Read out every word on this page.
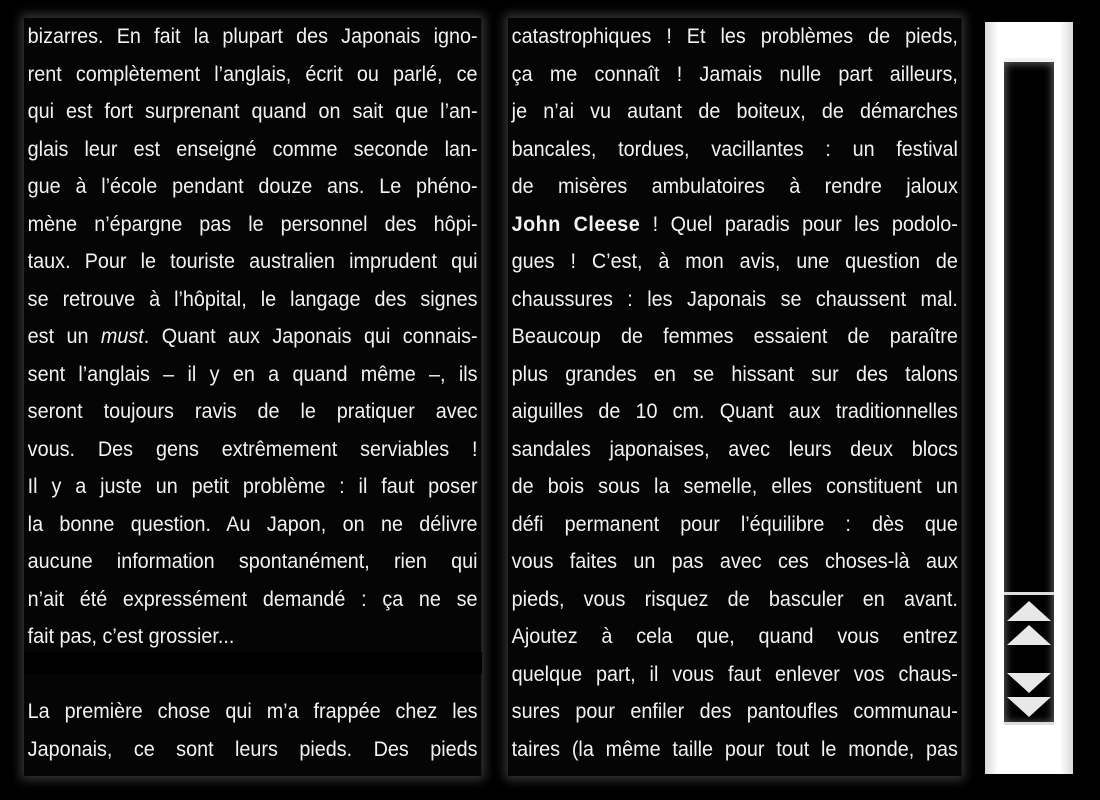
bizarres. En fait la plupart des Japonais igno-
rent complètement l’anglais, écrit ou parlé, ce
qui est fort surprenant quand on sait que l’an-
glais leur est enseigné comme seconde lan-
gue à l’école pendant douze ans. Le phéno-
mène n’épargne pas le personnel des hôpi-
taux. Pour le touriste australien imprudent qui
se retrouve à l’hôpital, le langage des signes
est un must. Quant aux Japonais qui connais-
sent l’anglais – il y en a quand même –, ils
seront toujours ravis de le pratiquer avec
vous. Des gens extrêmement serviables !
Il y a juste un petit problème : il faut poser
la bonne question. Au Japon, on ne délivre
aucune information spontanément, rien qui
n’ait été expressément demandé : ça ne se
fait pas, c’est grossier...
La première chose qui m’a frappée chez les
Japonais, ce sont leurs pieds. Des pieds
catastrophiques ! Et les problèmes de pieds,
ça me connaît ! Jamais nulle part ailleurs,
je n’ai vu autant de boiteux, de démarches
bancales, tordues, vacillantes : un festival
de misères ambulatoires à rendre jaloux
John Cleese ! Quel paradis pour les podolo-
gues ! C’est, à mon avis, une question de
chaussures : les Japonais se chaussent mal.
Beaucoup de femmes essaient de paraître
plus grandes en se hissant sur des talons
aiguilles de 10 cm. Quant aux traditionnelles
sandales japonaises, avec leurs deux blocs
de bois sous la semelle, elles constituent un
défi permanent pour l’équilibre : dès que
vous faites un pas avec ces choses-là aux
pieds, vous risquez de basculer en avant.
Ajoutez à cela que, quand vous entrez
quelque part, il vous faut enlever vos chaus-
sures pour enfiler des pantoufles communau-
taires (la même taille pour tout le monde, pas
